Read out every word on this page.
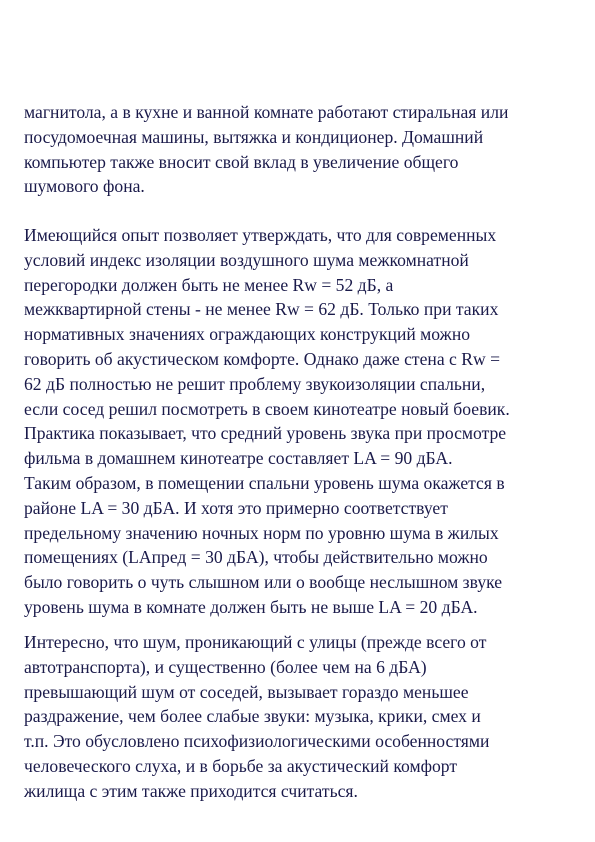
магнитола, а в кухне и ванной комнате работают стиральная или
посудомоечная машины, вытяжка и кондиционер. Домашний
компьютер также вносит свой вклад в увеличение общего
шумового фона.
Имеющийся опыт позволяет утверждать, что для современных
условий индекс изоляции воздушного шума межкомнатной
перегородки должен быть не менее Rw = 52 дБ, а
межквартирной стены - не менее Rw = 62 дБ. Только при таких
нормативных значениях ограждающих конструкций можно
говорить об акустическом комфорте. Однако даже стена с Rw =
62 дБ полностью не решит проблему звукоизоляции спальни,
если сосед решил посмотреть в своем кинотеатре новый боевик.
Практика показывает, что средний уровень звука при просмотре
фильма в домашнем кинотеатре составляет LA = 90 дБА.
Таким образом, в помещении спальни уровень шума окажется в
районе LA = 30 дБА. И хотя это примерно соответствует
предельному значению ночных норм по уровню шума в жилых
помещениях (LAпред = 30 дБА), чтобы действительно можно
было говорить о чуть слышном или о вообще неслышном звуке
уровень шума в комнате должен быть не выше LA = 20 дБА.
Интересно, что шум, проникающий с улицы (прежде всего от
автотранспорта), и существенно (более чем на 6 дБА)
превышающий шум от соседей, вызывает гораздо меньшее
раздражение, чем более слабые звуки: музыка, крики, смех и
т.п. Это обусловлено психофизиологическими особенностями
человеческого слуха, и в борьбе за акустический комфорт
жилища с этим также приходится считаться.
